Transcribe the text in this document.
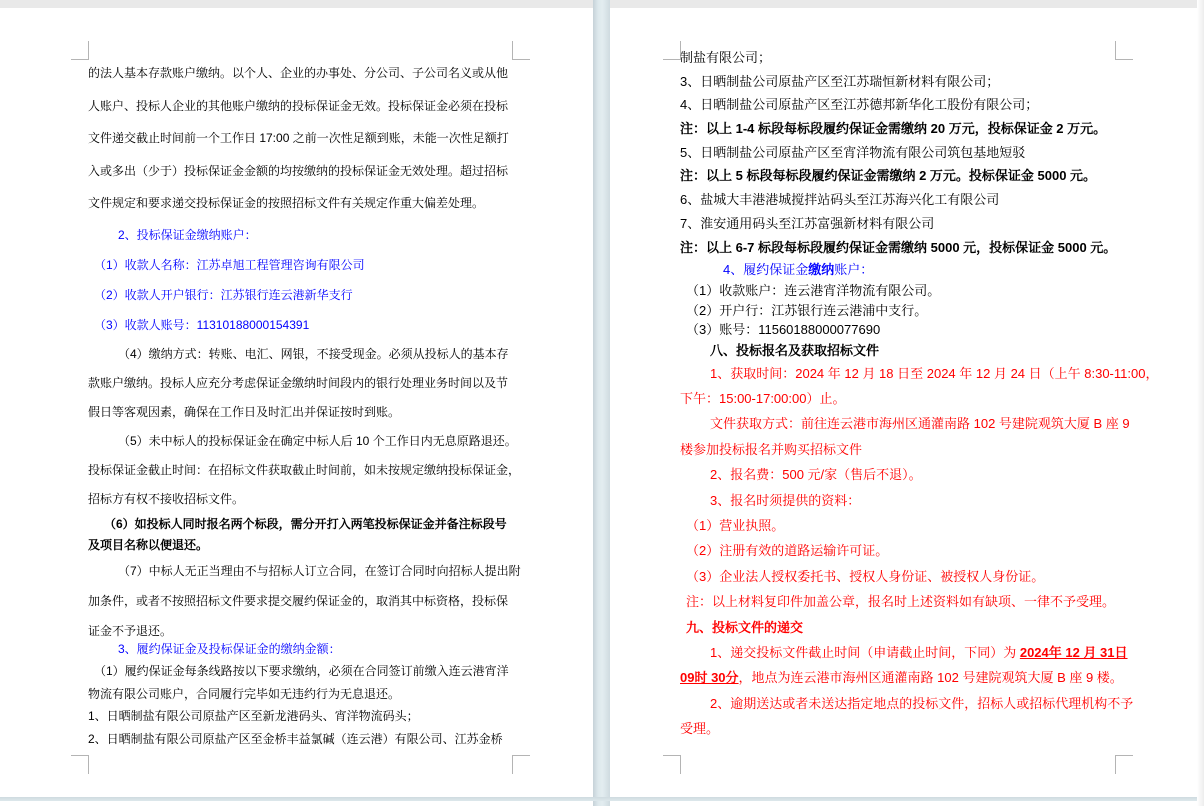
的法人基本存款账户缴纳。以个人、企业的办事处、分公司、子公司名义或从他
人账户、投标人企业的其他账户缴纳的投标保证金无效。投标保证金必须在投标
文件递交截止时间前一个工作日 17:00 之前一次性足额到账，未能一次性足额打
入或多出（少于）投标保证金金额的均按缴纳的投标保证金无效处理。超过招标
文件规定和要求递交投标保证金的按照招标文件有关规定作重大偏差处理。
2、投标保证金缴纳账户：
（1）收款人名称：江苏卓旭工程管理咨询有限公司
（2）收款人开户银行：江苏银行连云港新华支行
（3）收款人账号：11310188000154391
（4）缴纳方式：转账、电汇、网银，不接受现金。必须从投标人的基本存
款账户缴纳。投标人应充分考虑保证金缴纳时间段内的银行处理业务时间以及节
假日等客观因素，确保在工作日及时汇出并保证按时到账。
（5）未中标人的投标保证金在确定中标人后 10 个工作日内无息原路退还。
投标保证金截止时间：在招标文件获取截止时间前，如未按规定缴纳投标保证金，
招标方有权不接收招标文件。
（6）如投标人同时报名两个标段，需分开打入两笔投标保证金并备注标段号
及项目名称以便退还。
（7）中标人无正当理由不与招标人订立合同，在签订合同时向招标人提出附
加条件，或者不按照招标文件要求提交履约保证金的，取消其中标资格，投标保
证金不予退还。
3、履约保证金及投标保证金的缴纳金额：
（1）履约保证金每条线路按以下要求缴纳，必须在合同签订前缴入连云港宵洋
物流有限公司账户，合同履行完毕如无违约行为无息退还。
1、日晒制盐有限公司原盐产区至新龙港码头、宵洋物流码头；
2、日晒制盐有限公司原盐产区至金桥丰益氯碱（连云港）有限公司、江苏金桥
制盐有限公司；
3、日晒制盐公司原盐产区至江苏瑞恒新材料有限公司；
4、日晒制盐公司原盐产区至江苏德邦新华化工股份有限公司；
注：以上 1-4 标段每标段履约保证金需缴纳 20 万元，投标保证金 2 万元。
5、日晒制盐公司原盐产区至宵洋物流有限公司筑包基地短驳
注：以上 5 标段每标段履约保证金需缴纳 2 万元。投标保证金 5000 元。
6、盐城大丰港港城搅拌站码头至江苏海兴化工有限公司
7、淮安通用码头至江苏富强新材料有限公司
注：以上 6-7 标段每标段履约保证金需缴纳 5000 元，投标保证金 5000 元。
4、履约保证金缴纳账户：
（1）收款账户：连云港宵洋物流有限公司。
（2）开户行：江苏银行连云港浦中支行。
（3）账号：11560188000077690
八、投标报名及获取招标文件
1、获取时间：2024 年 12 月 18 日至 2024 年 12 月 24 日（上午 8:30-11:00，
下午：15:00-17:00:00）止。
文件获取方式：前往连云港市海州区通灌南路 102 号建院观筑大厦 B 座 9
楼参加投标报名并购买招标文件
2、报名费：500 元/家（售后不退）。
3、报名时须提供的资料：
（1）营业执照。
（2）注册有效的道路运输许可证。
（3）企业法人授权委托书、授权人身份证、被授权人身份证。
注：以上材料复印件加盖公章，报名时上述资料如有缺项、一律不予受理。
九、投标文件的递交
1、递交投标文件截止时间（申请截止时间，下同）为 2024年 12 月 31日
09时 30分，地点为连云港市海州区通灌南路 102 号建院观筑大厦 B 座 9 楼。
2、逾期送达或者未送达指定地点的投标文件，招标人或招标代理机构不予
受理。
